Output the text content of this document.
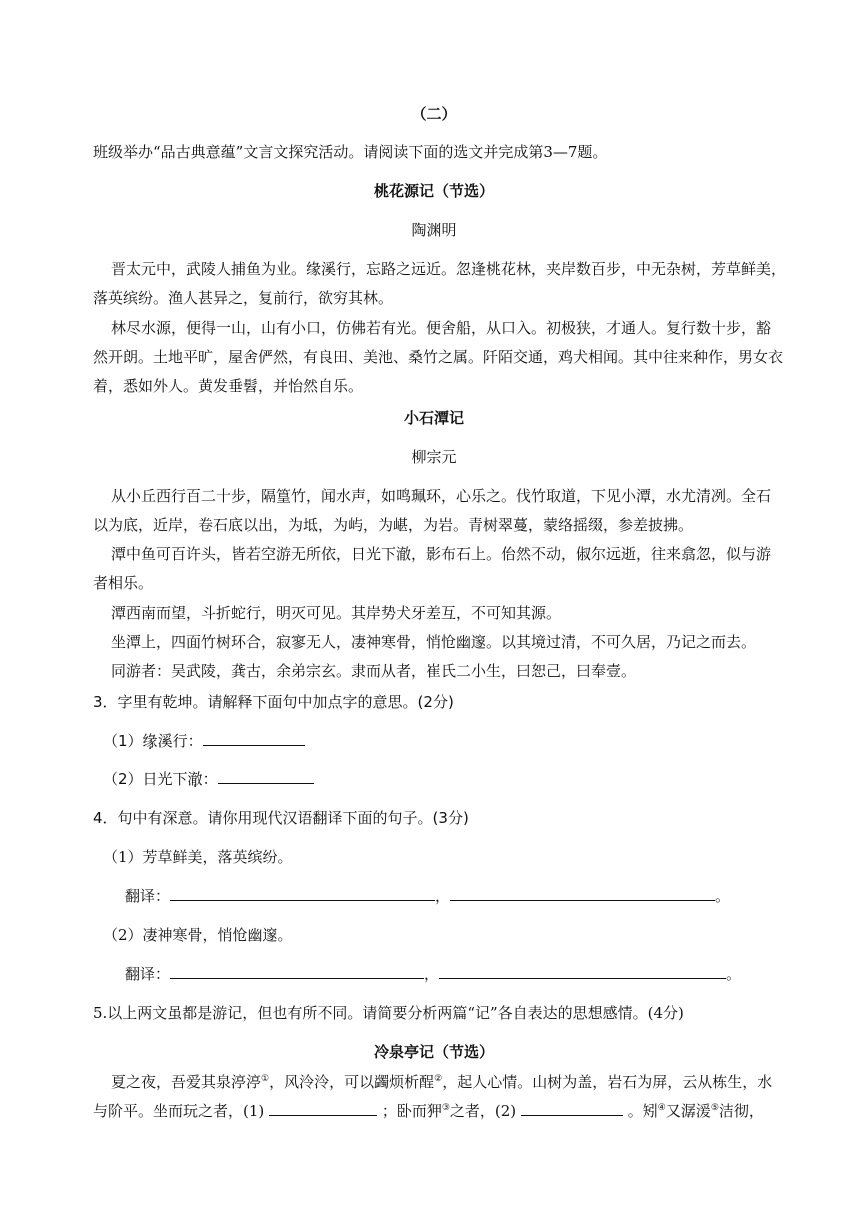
（二）
班级举办“品古典意蕴”文言文探究活动。请阅读下面的选文并完成第3—7题。
桃花源记（节选）
陶渊明
晋太元中，武陵人捕鱼为业。缘溪行，忘路之远近。忽逢桃花林，夹岸数百步，中无杂树，芳草鲜美，
落英缤纷。渔人甚异之，复前行，欲穷其林。
林尽水源，便得一山，山有小口，仿佛若有光。便舍船，从口入。初极狭，才通人。复行数十步，豁
然开朗。土地平旷，屋舍俨然，有良田、美池、桑竹之属。阡陌交通，鸡犬相闻。其中往来种作，男女衣
着，悉如外人。黄发垂髫，并怡然自乐。
小石潭记
柳宗元
从小丘西行百二十步，隔篁竹，闻水声，如鸣珮环，心乐之。伐竹取道，下见小潭，水尤清冽。全石
以为底，近岸，卷石底以出，为坻，为屿，为嵁，为岩。青树翠蔓，蒙络摇缀，参差披拂。
潭中鱼可百许头，皆若空游无所依，日光下澈，影布石上。佁然不动，俶尔远逝，往来翕忽，似与游
者相乐。
潭西南而望，斗折蛇行，明灭可见。其岸势犬牙差互，不可知其源。
坐潭上，四面竹树环合，寂寥无人，凄神寒骨，悄怆幽邃。以其境过清，不可久居，乃记之而去。
同游者：吴武陵，龚古，余弟宗玄。隶而从者，崔氏二小生，曰恕己，曰奉壹。
3．字里有乾坤。请解释下面句中加点字的意思。(2分)
（1）缘溪行：
（2）日光下澈：
4．句中有深意。请你用现代汉语翻译下面的句子。(3分)
（1）芳草鲜美，落英缤纷。
翻译：	，	。
（2）凄神寒骨，悄怆幽邃。
翻译：	，	。
5.以上两文虽都是游记，但也有所不同。请简要分析两篇“记”各自表达的思想感情。(4分)
冷泉亭记（节选）
夏之夜，吾爱其泉渟渟①，风泠泠，可以蠲烦析酲②，起人心情。山树为盖，岩石为屏，云从栋生，水
与阶平。坐而玩之者，(1)	；卧而狎③之者，(2)	。矧④又潺湲⑤洁彻，
